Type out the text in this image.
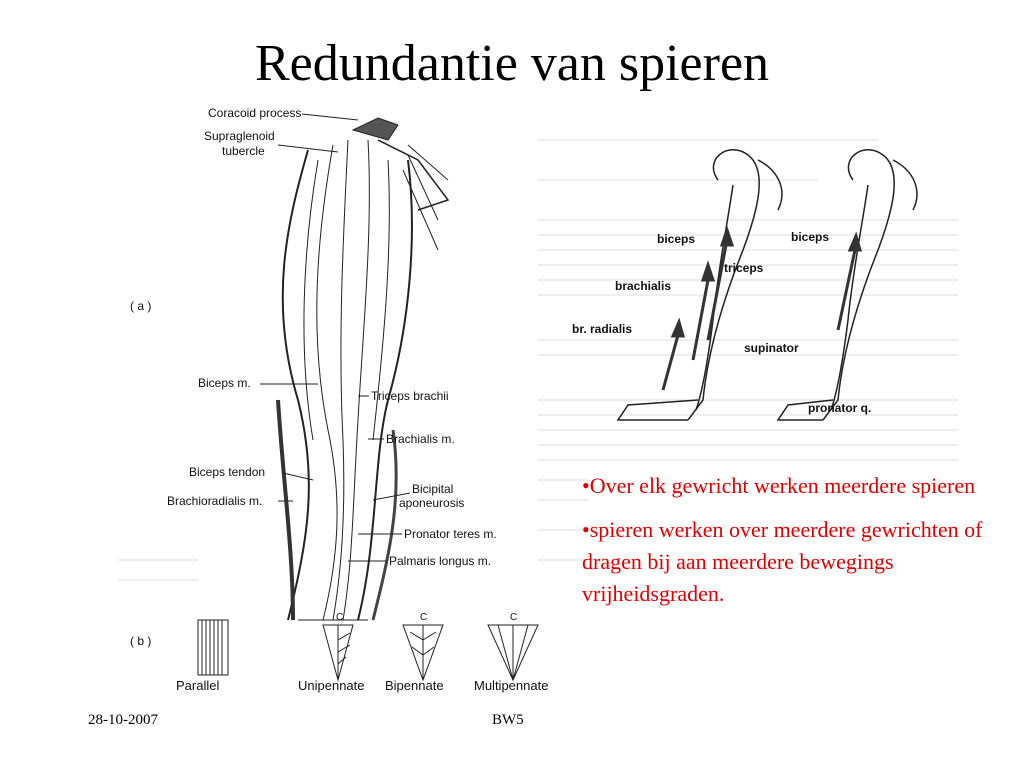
Redundantie van spieren
( a )
Coracoid process
Supraglenoid
tubercle
Biceps m.
Triceps brachii
Brachialis m.
Biceps tendon
Brachioradialis m.
Bicipital
aponeurosis
Pronator teres m.
Palmaris longus m.
( b )
Parallel
C
Unipennate
C
Bipennate
C
Multipennate
biceps
triceps
brachialis
br. radialis
biceps
supinator
pronator q.

•Over elk gewricht werken meerdere spieren

•spieren werken over meerdere gewrichten of dragen bij aan meerdere bewegings vrijheidsgraden.

28-10-2007	BW5
